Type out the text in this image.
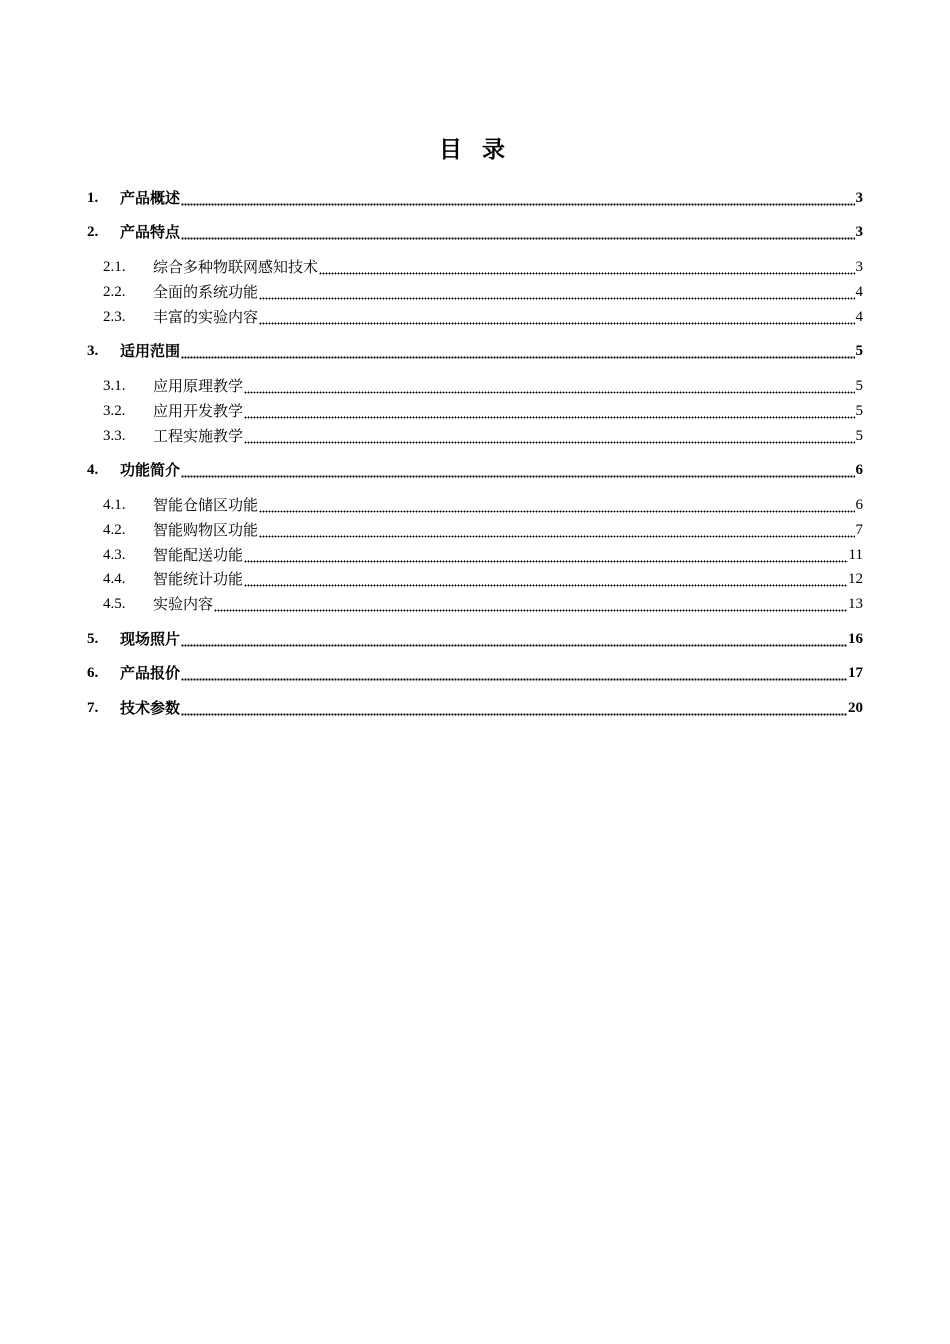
目 录
1.	产品概述	3
2.	产品特点	3
2.1.	综合多种物联网感知技术	3
2.2.	全面的系统功能	4
2.3.	丰富的实验内容	4
3.	适用范围	5
3.1.	应用原理教学	5
3.2.	应用开发教学	5
3.3.	工程实施教学	5
4.	功能简介	6
4.1.	智能仓储区功能	6
4.2.	智能购物区功能	7
4.3.	智能配送功能	11
4.4.	智能统计功能	12
4.5.	实验内容	13
5.	现场照片	16
6.	产品报价	17
7.	技术参数	20
